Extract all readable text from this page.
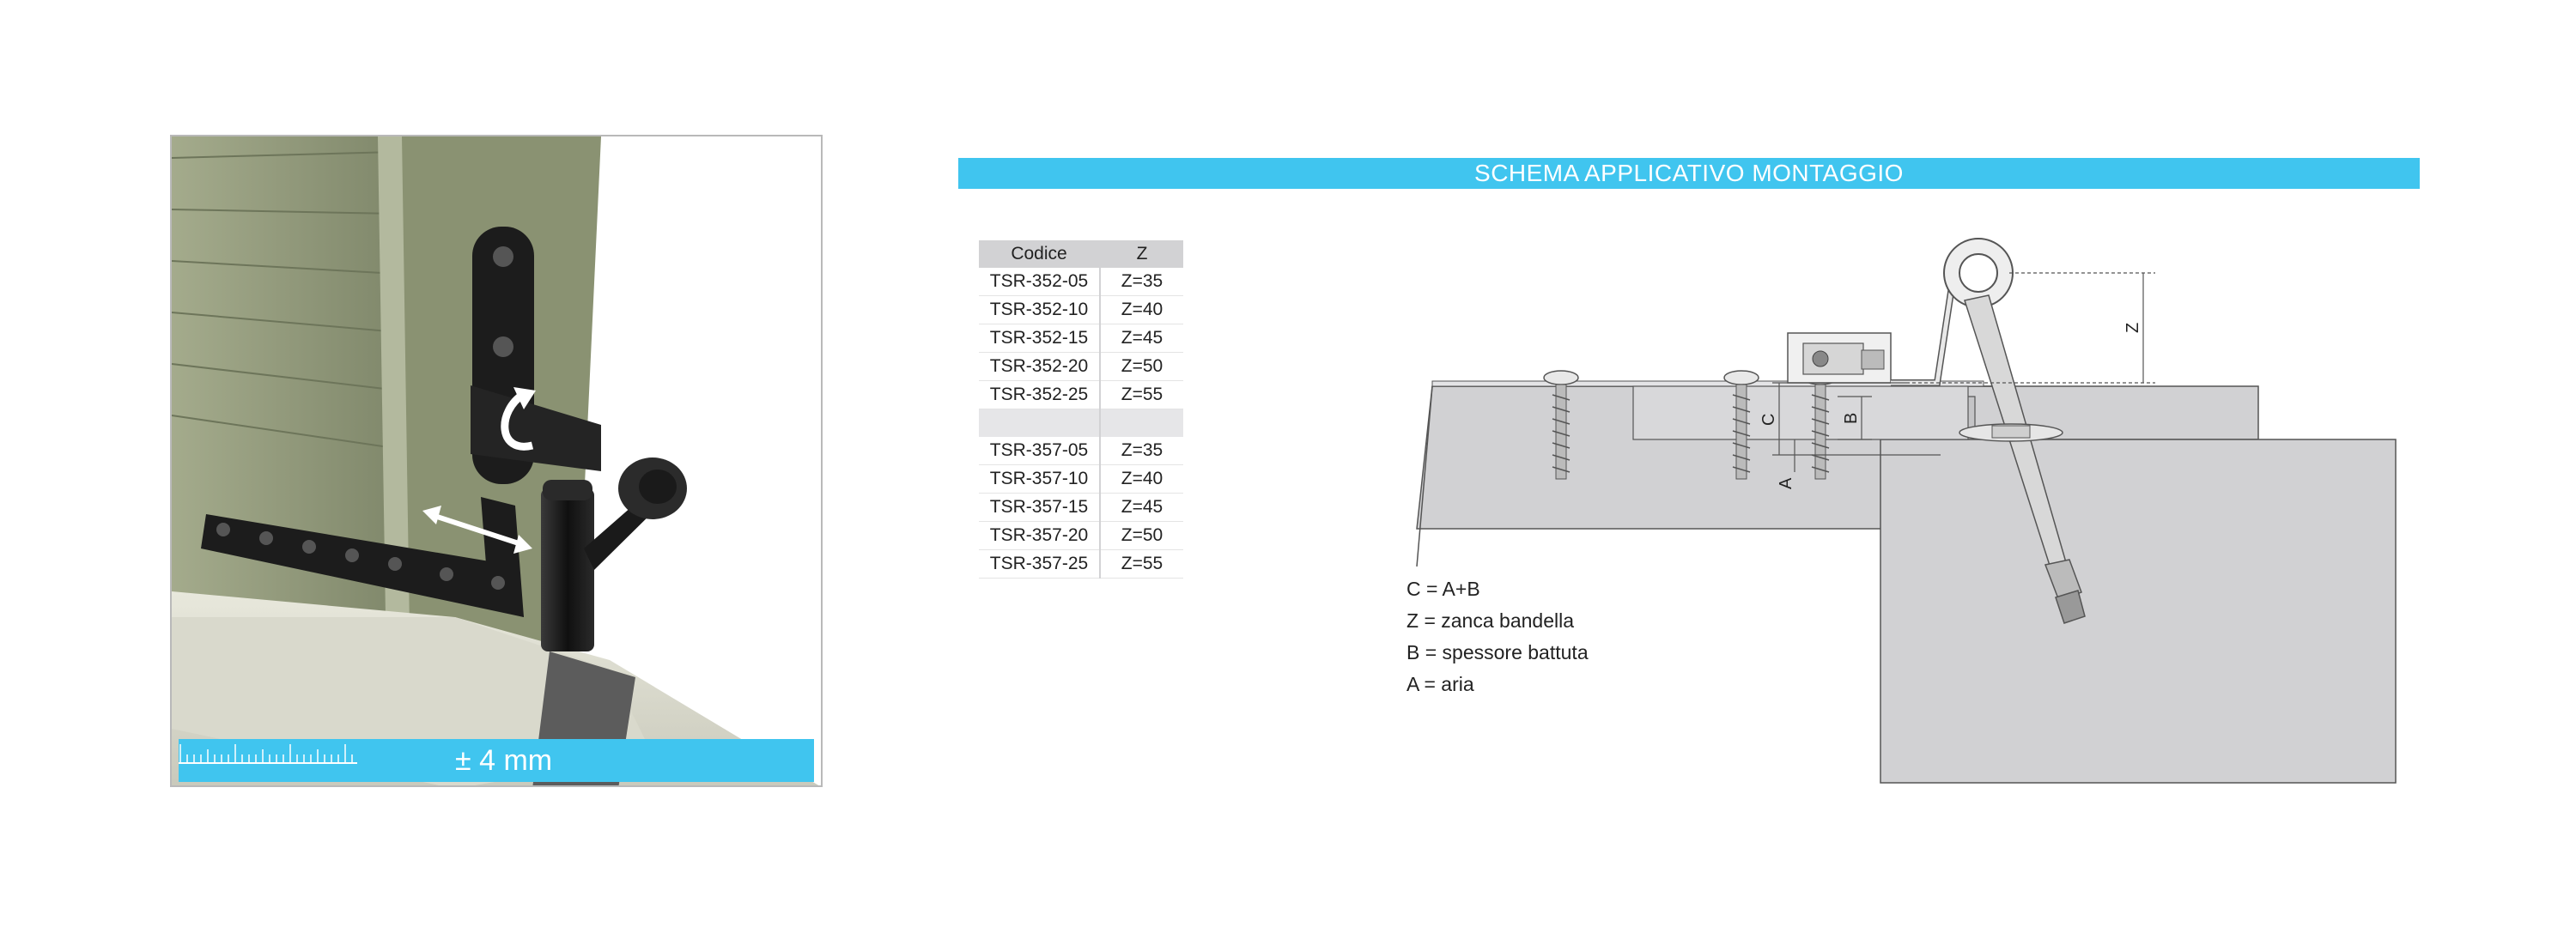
± 4 mm
SCHEMA APPLICATIVO MONTAGGIO
Codice	Z
TSR-352-05	Z=35
TSR-352-10	Z=40
TSR-352-15	Z=45
TSR-352-20	Z=50
TSR-352-25	Z=55

TSR-357-05	Z=35
TSR-357-10	Z=40
TSR-357-15	Z=45
TSR-357-20	Z=50
TSR-357-25	Z=55
Z
B
C
A
C = A+B
Z = zanca bandella
B = spessore battuta
A = aria
